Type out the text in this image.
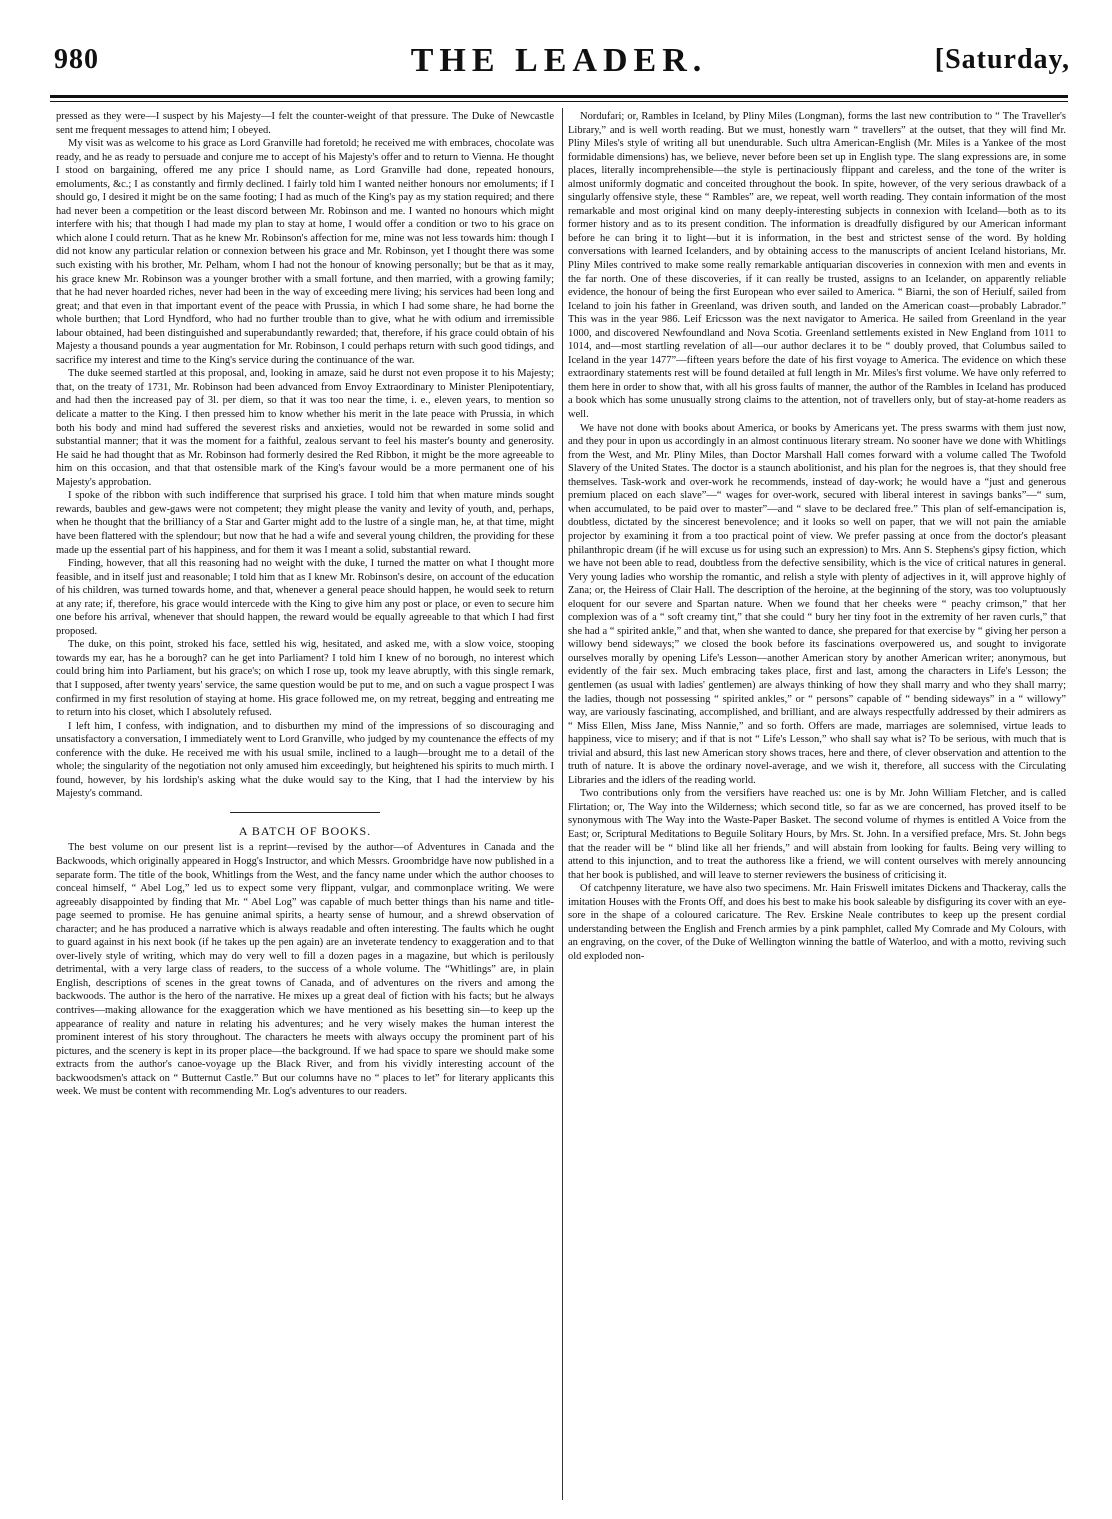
980	THE LEADER.	[Saturday,

pressed as they were—I suspect by his Majesty—I felt the counter-weight of that pressure. The Duke of Newcastle sent me frequent messages to attend him; I obeyed.

My visit was as welcome to his grace as Lord Granville had foretold; he received me with embraces, chocolate was ready, and he as ready to persuade and conjure me to accept of his Majesty's offer and to return to Vienna. He thought I stood on bargaining, offered me any price I should name, as Lord Granville had done, repeated honours, emoluments, &c.; I as constantly and firmly declined. I fairly told him I wanted neither honours nor emoluments; if I should go, I desired it might be on the same footing; I had as much of the King's pay as my station required; and there had never been a competition or the least discord between Mr. Robinson and me. I wanted no honours which might interfere with his; that though I had made my plan to stay at home, I would offer a condition or two to his grace on which alone I could return. That as he knew Mr. Robinson's affection for me, mine was not less towards him: though I did not know any particular relation or connexion between his grace and Mr. Robinson, yet I thought there was some such existing with his brother, Mr. Pelham, whom I had not the honour of knowing personally; but be that as it may, his grace knew Mr. Robinson was a younger brother with a small fortune, and then married, with a growing family; that he had never hoarded riches, never had been in the way of exceeding mere living; his services had been long and great; and that even in that important event of the peace with Prussia, in which I had some share, he had borne the whole burthen; that Lord Hyndford, who had no further trouble than to give, what he with odium and irremissible labour obtained, had been distinguished and superabundantly rewarded; that, therefore, if his grace could obtain of his Majesty a thousand pounds a year augmentation for Mr. Robinson, I could perhaps return with such good tidings, and sacrifice my interest and time to the King's service during the continuance of the war.

The duke seemed startled at this proposal, and, looking in amaze, said he durst not even propose it to his Majesty; that, on the treaty of 1731, Mr. Robinson had been advanced from Envoy Extraordinary to Minister Plenipotentiary, and had then the increased pay of 3l. per diem, so that it was too near the time, i. e., eleven years, to mention so delicate a matter to the King. I then pressed him to know whether his merit in the late peace with Prussia, in which both his body and mind had suffered the severest risks and anxieties, would not be rewarded in some solid and substantial manner; that it was the moment for a faithful, zealous servant to feel his master's bounty and generosity. He said he had thought that as Mr. Robinson had formerly desired the Red Ribbon, it might be the more agreeable to him on this occasion, and that that ostensible mark of the King's favour would be a more permanent one of his Majesty's approbation.

I spoke of the ribbon with such indifference that surprised his grace. I told him that when mature minds sought rewards, baubles and gew-gaws were not competent; they might please the vanity and levity of youth, and, perhaps, when he thought that the brilliancy of a Star and Garter might add to the lustre of a single man, he, at that time, might have been flattered with the splendour; but now that he had a wife and several young children, the providing for these made up the essential part of his happiness, and for them it was I meant a solid, substantial reward.

Finding, however, that all this reasoning had no weight with the duke, I turned the matter on what I thought more feasible, and in itself just and reasonable; I told him that as I knew Mr. Robinson's desire, on account of the education of his children, was turned towards home, and that, whenever a general peace should happen, he would seek to return at any rate; if, therefore, his grace would intercede with the King to give him any post or place, or even to secure him one before his arrival, whenever that should happen, the reward would be equally agreeable to that which I had first proposed.

The duke, on this point, stroked his face, settled his wig, hesitated, and asked me, with a slow voice, stooping towards my ear, has he a borough? can he get into Parliament? I told him I knew of no borough, no interest which could bring him into Parliament, but his grace's; on which I rose up, took my leave abruptly, with this single remark, that I supposed, after twenty years' service, the same question would be put to me, and on such a vague prospect I was confirmed in my first resolution of staying at home. His grace followed me, on my retreat, begging and entreating me to return into his closet, which I absolutely refused.

I left him, I confess, with indignation, and to disburthen my mind of the impressions of so discouraging and unsatisfactory a conversation, I immediately went to Lord Granville, who judged by my countenance the effects of my conference with the duke. He received me with his usual smile, inclined to a laugh—brought me to a detail of the whole; the singularity of the negotiation not only amused him exceedingly, but heightened his spirits to much mirth. I found, however, by his lordship's asking what the duke would say to the King, that I had the interview by his Majesty's command.

A BATCH OF BOOKS.

The best volume on our present list is a reprint—revised by the author—of Adventures in Canada and the Backwoods, which originally appeared in Hogg's Instructor, and which Messrs. Groombridge have now published in a separate form. The title of the book, Whitlings from the West, and the fancy name under which the author chooses to conceal himself, “ Abel Log,” led us to expect some very flippant, vulgar, and commonplace writing. We were agreeably disappointed by finding that Mr. “ Abel Log” was capable of much better things than his name and title-page seemed to promise. He has genuine animal spirits, a hearty sense of humour, and a shrewd observation of character; and he has produced a narrative which is always readable and often interesting. The faults which he ought to guard against in his next book (if he takes up the pen again) are an inveterate tendency to exaggeration and to that over-lively style of writing, which may do very well to fill a dozen pages in a magazine, but which is perilously detrimental, with a very large class of readers, to the success of a whole volume. The “Whitlings” are, in plain English, descriptions of scenes in the great towns of Canada, and of adventures on the rivers and among the backwoods. The author is the hero of the narrative. He mixes up a great deal of fiction with his facts; but he always contrives—making allowance for the exaggeration which we have mentioned as his besetting sin—to keep up the appearance of reality and nature in relating his adventures; and he very wisely makes the human interest the prominent interest of his story throughout. The characters he meets with always occupy the prominent part of his pictures, and the scenery is kept in its proper place—the background. If we had space to spare we should make some extracts from the author's canoe-voyage up the Black River, and from his vividly interesting account of the backwoodsmen's attack on “ Butternut Castle.” But our columns have no “ places to let” for literary applicants this week. We must be content with recommending Mr. Log's adventures to our readers.

Nordufari; or, Rambles in Iceland, by Pliny Miles (Longman), forms the last new contribution to “ The Traveller's Library,” and is well worth reading. But we must, honestly warn “ travellers” at the outset, that they will find Mr. Pliny Miles's style of writing all but unendurable. Such ultra American-English (Mr. Miles is a Yankee of the most formidable dimensions) has, we believe, never before been set up in English type. The slang expressions are, in some places, literally incomprehensible—the style is pertinaciously flippant and careless, and the tone of the writer is almost uniformly dogmatic and conceited throughout the book. In spite, however, of the very serious drawback of a singularly offensive style, these “ Rambles” are, we repeat, well worth reading. They contain information of the most remarkable and most original kind on many deeply-interesting subjects in connexion with Iceland—both as to its former history and as to its present condition. The information is dreadfully disfigured by our American informant before he can bring it to light—but it is information, in the best and strictest sense of the word. By holding conversations with learned Icelanders, and by obtaining access to the manuscripts of ancient Iceland historians, Mr. Pliny Miles contrived to make some really remarkable antiquarian discoveries in connexion with men and events in the far north. One of these discoveries, if it can really be trusted, assigns to an Icelander, on apparently reliable evidence, the honour of being the first European who ever sailed to America. “ Biarni, the son of Heriulf, sailed from Iceland to join his father in Greenland, was driven south, and landed on the American coast—probably Labrador.” This was in the year 986. Leif Ericsson was the next navigator to America. He sailed from Greenland in the year 1000, and discovered Newfoundland and Nova Scotia. Greenland settlements existed in New England from 1011 to 1014, and—most startling revelation of all—our author declares it to be “ doubly proved, that Columbus sailed to Iceland in the year 1477”—fifteen years before the date of his first voyage to America. The evidence on which these extraordinary statements rest will be found detailed at full length in Mr. Miles's first volume. We have only referred to them here in order to show that, with all his gross faults of manner, the author of the Rambles in Iceland has produced a book which has some unusually strong claims to the attention, not of travellers only, but of stay-at-home readers as well.

We have not done with books about America, or books by Americans yet. The press swarms with them just now, and they pour in upon us accordingly in an almost continuous literary stream. No sooner have we done with Whitlings from the West, and Mr. Pliny Miles, than Doctor Marshall Hall comes forward with a volume called The Twofold Slavery of the United States. The doctor is a staunch abolitionist, and his plan for the negroes is, that they should free themselves. Task-work and over-work he recommends, instead of day-work; he would have a “just and generous premium placed on each slave”—“ wages for over-work, secured with liberal interest in savings banks”—“ sum, when accumulated, to be paid over to master”—and “ slave to be declared free.” This plan of self-emancipation is, doubtless, dictated by the sincerest benevolence; and it looks so well on paper, that we will not pain the amiable projector by examining it from a too practical point of view. We prefer passing at once from the doctor's pleasant philanthropic dream (if he will excuse us for using such an expression) to Mrs. Ann S. Stephens's gipsy fiction, which we have not been able to read, doubtless from the defective sensibility, which is the vice of critical natures in general. Very young ladies who worship the romantic, and relish a style with plenty of adjectives in it, will approve highly of Zana; or, the Heiress of Clair Hall. The description of the heroine, at the beginning of the story, was too voluptuously eloquent for our severe and Spartan nature. When we found that her cheeks were “ peachy crimson,” that her complexion was of a “ soft creamy tint,” that she could “ bury her tiny foot in the extremity of her raven curls,” that she had a “ spirited ankle,” and that, when she wanted to dance, she prepared for that exercise by “ giving her person a willowy bend sideways;” we closed the book before its fascinations overpowered us, and sought to invigorate ourselves morally by opening Life's Lesson—another American story by another American writer; anonymous, but evidently of the fair sex. Much embracing takes place, first and last, among the characters in Life's Lesson; the gentlemen (as usual with ladies' gentlemen) are always thinking of how they shall marry and who they shall marry; the ladies, though not possessing “ spirited ankles,” or “ persons” capable of “ bending sideways” in a “ willowy” way, are variously fascinating, accomplished, and brilliant, and are always respectfully addressed by their admirers as “ Miss Ellen, Miss Jane, Miss Nannie,” and so forth. Offers are made, marriages are solemnised, virtue leads to happiness, vice to misery; and if that is not “ Life's Lesson,” who shall say what is? To be serious, with much that is trivial and absurd, this last new American story shows traces, here and there, of clever observation and attention to the truth of nature. It is above the ordinary novel-average, and we wish it, therefore, all success with the Circulating Libraries and the idlers of the reading world.

Two contributions only from the versifiers have reached us: one is by Mr. John William Fletcher, and is called Flirtation; or, The Way into the Wilderness; which second title, so far as we are concerned, has proved itself to be synonymous with The Way into the Waste-Paper Basket. The second volume of rhymes is entitled A Voice from the East; or, Scriptural Meditations to Beguile Solitary Hours, by Mrs. St. John. In a versified preface, Mrs. St. John begs that the reader will be “ blind like all her friends,” and will abstain from looking for faults. Being very willing to attend to this injunction, and to treat the authoress like a friend, we will content ourselves with merely announcing that her book is published, and will leave to sterner reviewers the business of criticising it.

Of catchpenny literature, we have also two specimens. Mr. Hain Friswell imitates Dickens and Thackeray, calls the imitation Houses with the Fronts Off, and does his best to make his book saleable by disfiguring its cover with an eye-sore in the shape of a coloured caricature. The Rev. Erskine Neale contributes to keep up the present cordial understanding between the English and French armies by a pink pamphlet, called My Comrade and My Colours, with an engraving, on the cover, of the Duke of Wellington winning the battle of Waterloo, and with a motto, reviving such old exploded non-
